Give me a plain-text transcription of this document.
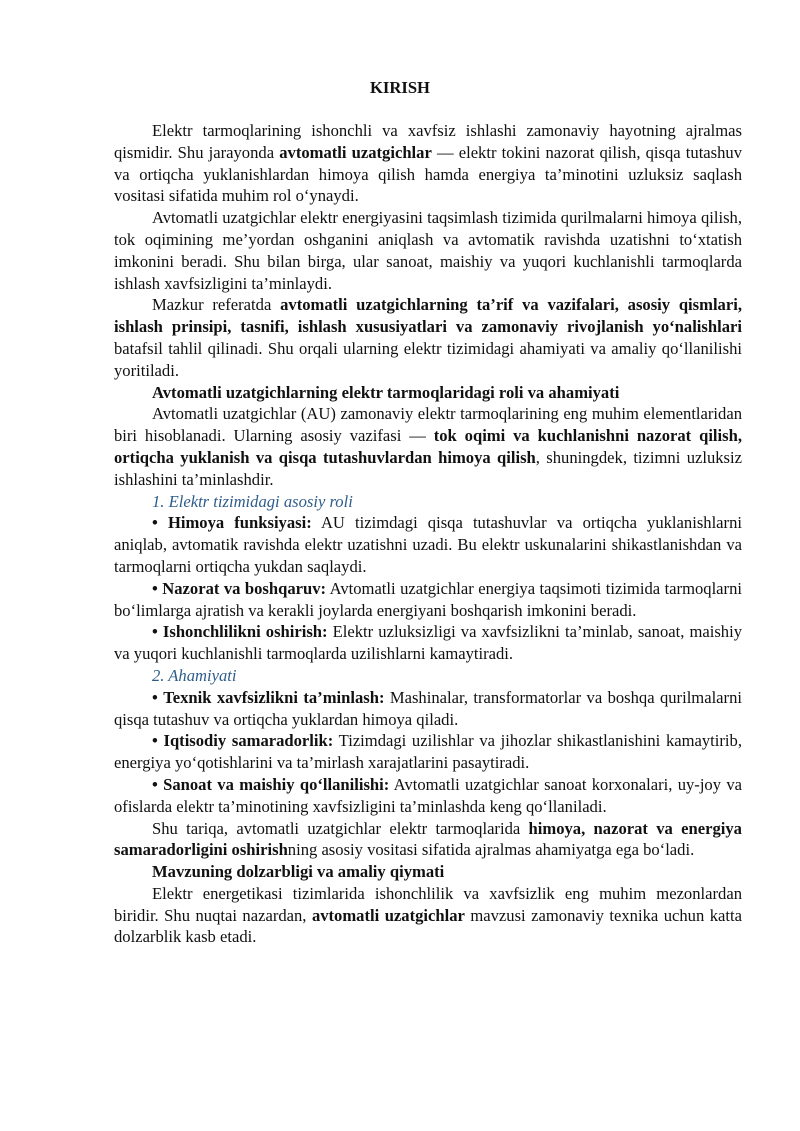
KIRISH

Elektr tarmoqlarining ishonchli va xavfsiz ishlashi zamonaviy hayotning ajralmas qismidir. Shu jarayonda avtomatli uzatgichlar — elektr tokini nazorat qilish, qisqa tutashuv va ortiqcha yuklanishlardan himoya qilish hamda energiya ta’minotini uzluksiz saqlash vositasi sifatida muhim rol o‘ynaydi.

Avtomatli uzatgichlar elektr energiyasini taqsimlash tizimida qurilmalarni himoya qilish, tok oqimining me’yordan oshganini aniqlash va avtomatik ravishda uzatishni to‘xtatish imkonini beradi. Shu bilan birga, ular sanoat, maishiy va yuqori kuchlanishli tarmoqlarda ishlash xavfsizligini ta’minlaydi.

Mazkur referatda avtomatli uzatgichlarning ta’rif va vazifalari, asosiy qismlari, ishlash prinsipi, tasnifi, ishlash xususiyatlari va zamonaviy rivojlanish yo‘nalishlari batafsil tahlil qilinadi. Shu orqali ularning elektr tizimidagi ahamiyati va amaliy qo‘llanilishi yoritiladi.

Avtomatli uzatgichlarning elektr tarmoqlaridagi roli va ahamiyati

Avtomatli uzatgichlar (AU) zamonaviy elektr tarmoqlarining eng muhim elementlaridan biri hisoblanadi. Ularning asosiy vazifasi — tok oqimi va kuchlanishni nazorat qilish, ortiqcha yuklanish va qisqa tutashuvlardan himoya qilish, shuningdek, tizimni uzluksiz ishlashini ta’minlashdir.

1. Elektr tizimidagi asosiy roli

• Himoya funksiyasi: AU tizimdagi qisqa tutashuvlar va ortiqcha yuklanishlarni aniqlab, avtomatik ravishda elektr uzatishni uzadi. Bu elektr uskunalarini shikastlanishdan va tarmoqlarni ortiqcha yukdan saqlaydi.

• Nazorat va boshqaruv: Avtomatli uzatgichlar energiya taqsimoti tizimida tarmoqlarni bo‘limlarga ajratish va kerakli joylarda energiyani boshqarish imkonini beradi.

• Ishonchlilikni oshirish: Elektr uzluksizligi va xavfsizlikni ta’minlab, sanoat, maishiy va yuqori kuchlanishli tarmoqlarda uzilishlarni kamaytiradi.

2. Ahamiyati

• Texnik xavfsizlikni ta’minlash: Mashinalar, transformatorlar va boshqa qurilmalarni qisqa tutashuv va ortiqcha yuklardan himoya qiladi.

• Iqtisodiy samaradorlik: Tizimdagi uzilishlar va jihozlar shikastlanishini kamaytirib, energiya yo‘qotishlarini va ta’mirlash xarajatlarini pasaytiradi.

• Sanoat va maishiy qo‘llanilishi: Avtomatli uzatgichlar sanoat korxonalari, uy-joy va ofislarda elektr ta’minotining xavfsizligini ta’minlashda keng qo‘llaniladi.

Shu tariqa, avtomatli uzatgichlar elektr tarmoqlarida himoya, nazorat va energiya samaradorligini oshirishning asosiy vositasi sifatida ajralmas ahamiyatga ega bo‘ladi.

Mavzuning dolzarbligi va amaliy qiymati

Elektr energetikasi tizimlarida ishonchlilik va xavfsizlik eng muhim mezonlardan biridir. Shu nuqtai nazardan, avtomatli uzatgichlar mavzusi zamonaviy texnika uchun katta dolzarblik kasb etadi.
